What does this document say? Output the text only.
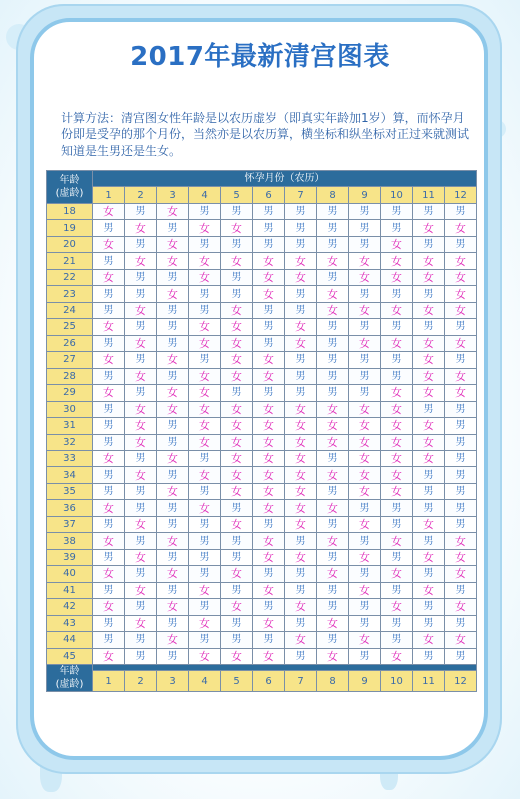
2017年最新清宫图表
计算方法：清宫图女性年龄是以农历虚岁（即真实年龄加1岁）算，而怀孕月份即是受孕的那个月份，当然亦是以农历算，横坐标和纵坐标对正过来就测试知道是生男还是生女。
年龄
(虚龄)	怀孕月份（农历）											
	1	2	3	4	5	6	7	8	9	10	11	12
18	女	男	女	男	男	男	男	男	男	男	男	男
19	男	女	男	女	女	男	男	男	男	男	女	女
20	女	男	女	男	男	男	男	男	男	女	男	男
21	男	女	女	女	女	女	女	女	女	女	女	女
22	女	男	男	女	男	女	女	男	女	女	女	女
23	男	男	女	男	男	女	男	女	男	男	男	女
24	男	女	男	男	女	男	男	女	女	女	女	女
25	女	男	男	女	女	男	女	男	男	男	男	男
26	男	女	男	女	女	男	女	男	女	女	女	女
27	女	男	女	男	女	女	男	男	男	男	女	男
28	男	女	男	女	女	女	男	男	男	男	女	女
29	女	男	女	女	男	男	男	男	男	女	女	女
30	男	女	女	女	女	女	女	女	女	女	男	男
31	男	女	男	女	女	女	女	女	女	女	女	男
32	男	女	男	女	女	女	女	女	女	女	女	男
33	女	男	女	男	女	女	女	男	女	女	女	男
34	男	女	男	女	女	女	女	女	女	女	男	男
35	男	男	女	男	女	女	女	男	女	女	男	男
36	女	男	男	女	男	女	女	女	男	男	男	男
37	男	女	男	男	女	男	女	男	女	男	女	男
38	女	男	女	男	男	女	男	女	男	女	男	女
39	男	女	男	男	男	女	女	男	女	男	女	女
40	女	男	女	男	女	男	男	女	男	女	男	女
41	男	女	男	女	男	女	男	男	女	男	女	男
42	女	男	女	男	女	男	女	男	男	女	男	女
43	男	女	男	女	男	女	男	女	男	男	男	男
44	男	男	女	男	男	男	女	男	女	男	女	女
45	女	男	男	女	女	女	男	女	男	女	男	男

年龄
(虚龄)												

	1	2	3	4	5	6	7	8	9	10	11	12
